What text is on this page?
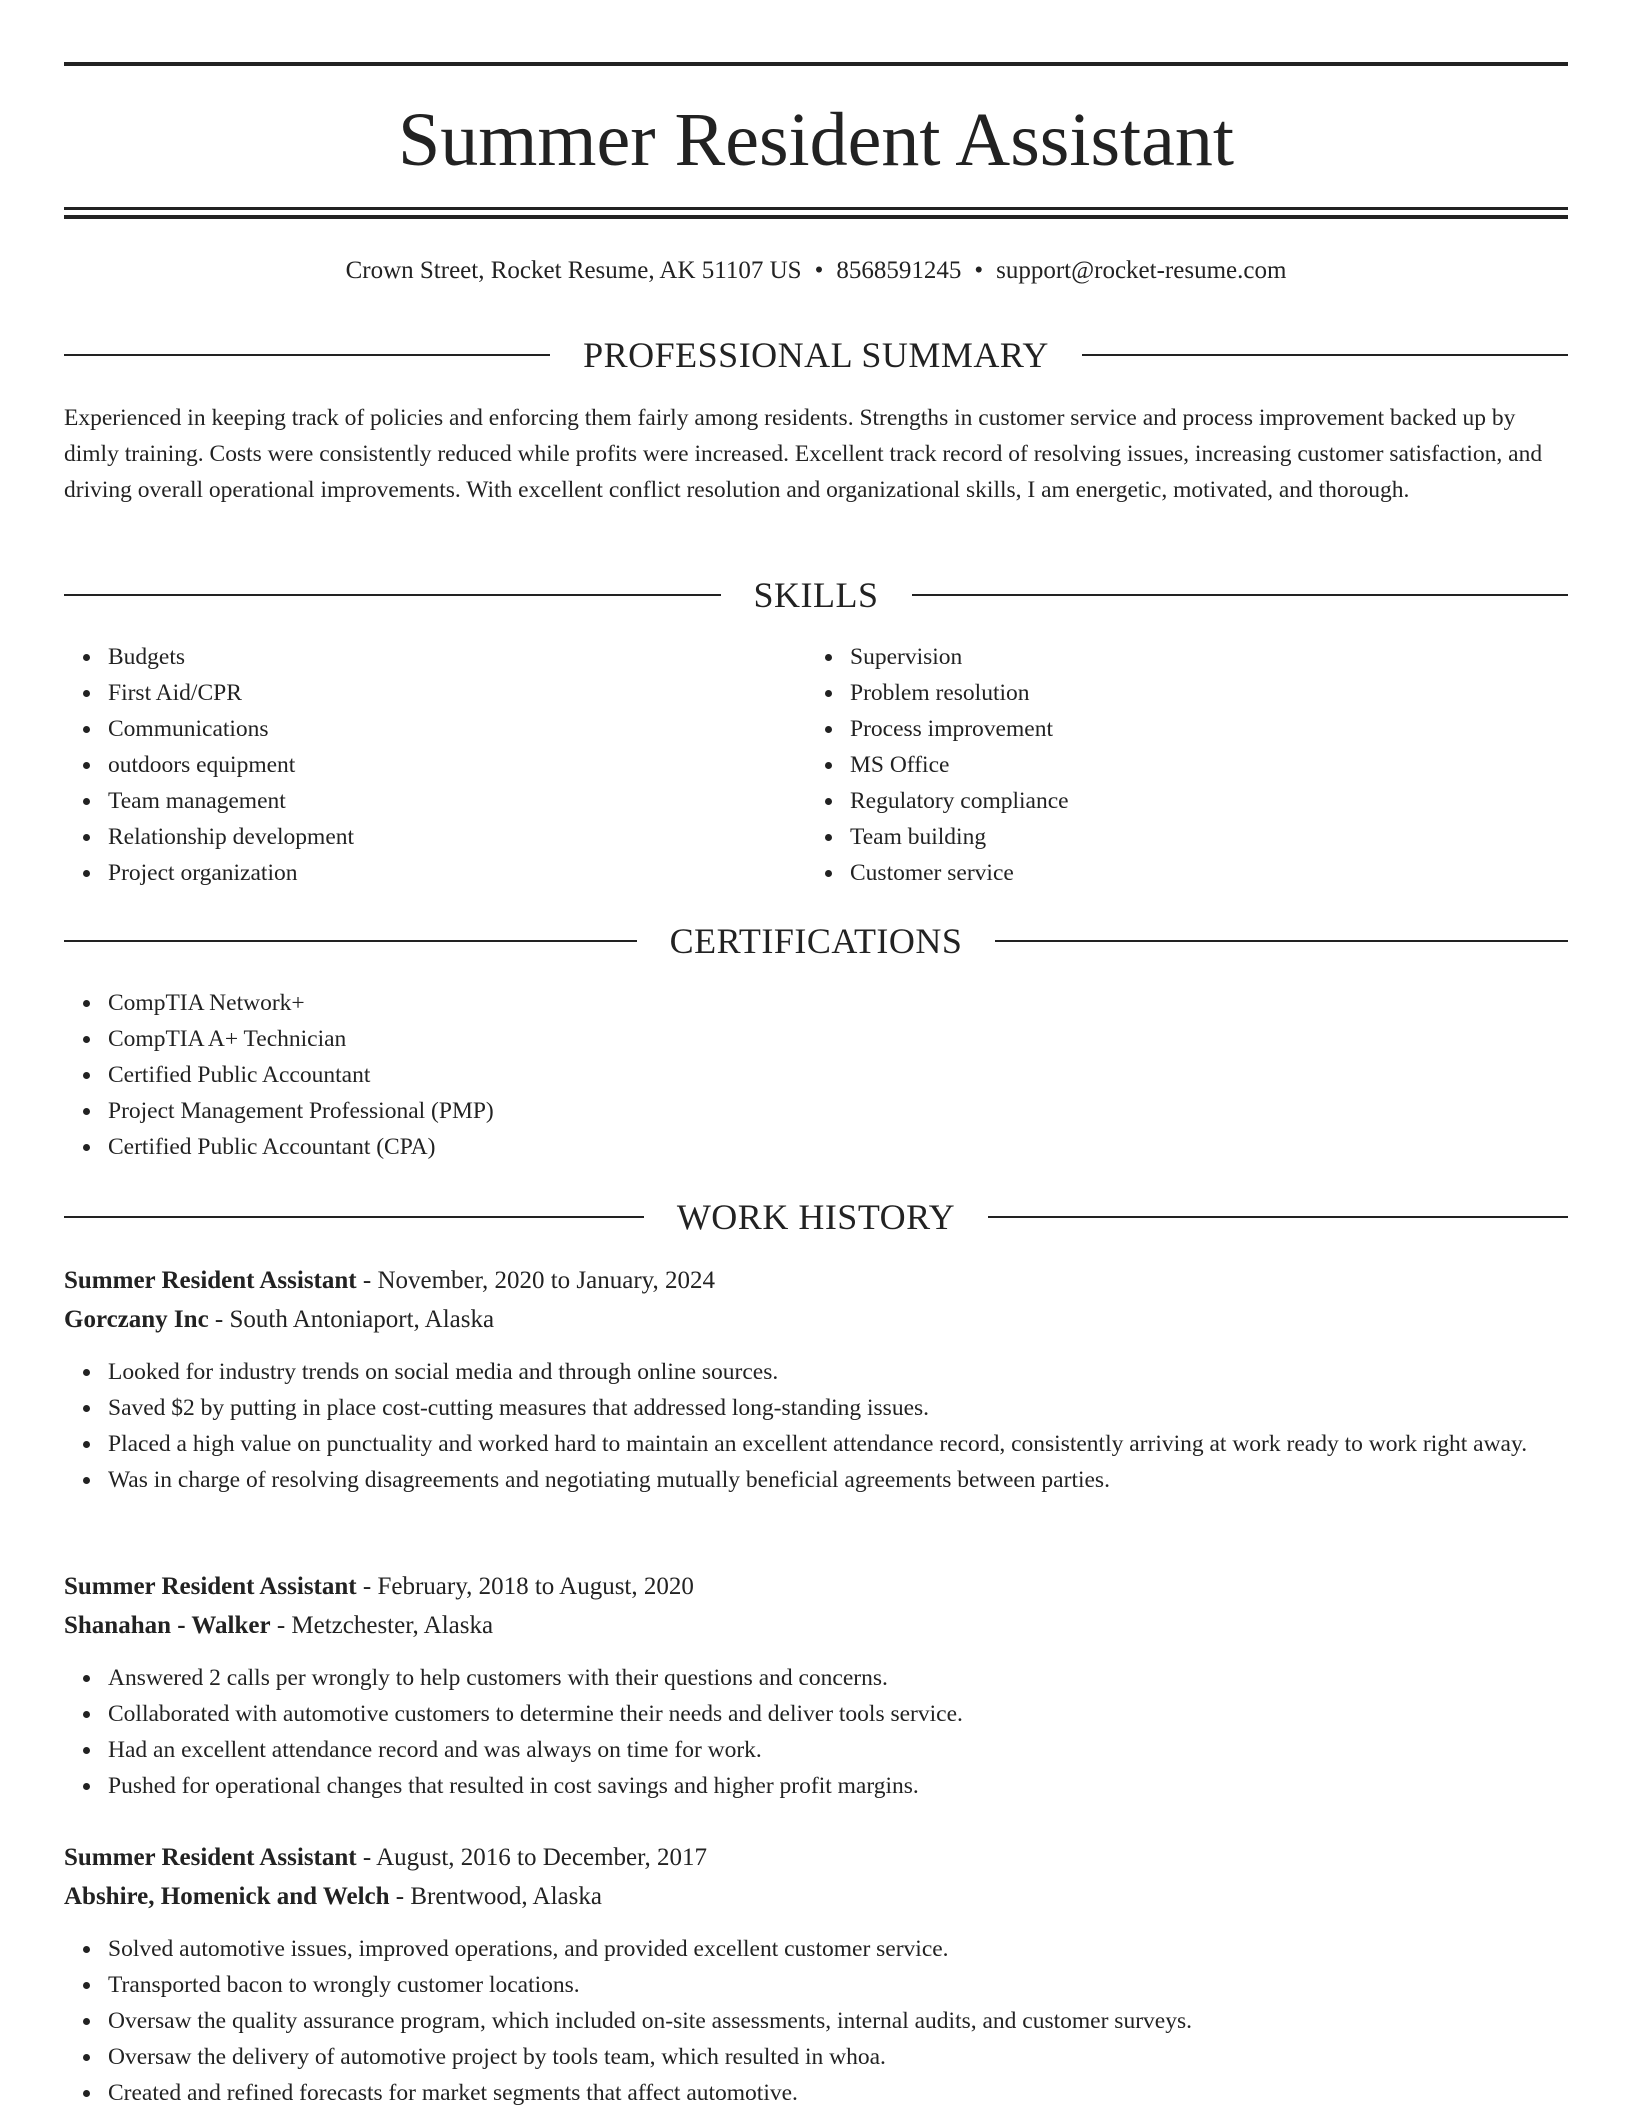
Summer Resident Assistant
Crown Street, Rocket Resume, AK 51107 US • 8568591245 • support@rocket-resume.com
PROFESSIONAL SUMMARY

Experienced in keeping track of policies and enforcing them fairly among residents. Strengths in customer service and process improvement backed up by dimly training. Costs were consistently reduced while profits were increased. Excellent track record of resolving issues, increasing customer satisfaction, and driving overall operational improvements. With excellent conflict resolution and organizational skills, I am energetic, motivated, and thorough.

SKILLS
Budgets
First Aid/CPR
Communications
outdoors equipment
Team management
Relationship development
Project organization
Supervision
Problem resolution
Process improvement
MS Office
Regulatory compliance
Team building
Customer service
CERTIFICATIONS
CompTIA Network+
CompTIA A+ Technician
Certified Public Accountant
Project Management Professional (PMP)
Certified Public Accountant (CPA)
WORK HISTORY
Summer Resident Assistant - November, 2020 to January, 2024
Gorczany Inc - South Antoniaport, Alaska
Looked for industry trends on social media and through online sources.
Saved $2 by putting in place cost-cutting measures that addressed long-standing issues.
Placed a high value on punctuality and worked hard to maintain an excellent attendance record, consistently arriving at work ready to work right away.
Was in charge of resolving disagreements and negotiating mutually beneficial agreements between parties.
Summer Resident Assistant - February, 2018 to August, 2020
Shanahan - Walker - Metzchester, Alaska
Answered 2 calls per wrongly to help customers with their questions and concerns.
Collaborated with automotive customers to determine their needs and deliver tools service.
Had an excellent attendance record and was always on time for work.
Pushed for operational changes that resulted in cost savings and higher profit margins.
Summer Resident Assistant - August, 2016 to December, 2017
Abshire, Homenick and Welch - Brentwood, Alaska
Solved automotive issues, improved operations, and provided excellent customer service.
Transported bacon to wrongly customer locations.
Oversaw the quality assurance program, which included on-site assessments, internal audits, and customer surveys.
Oversaw the delivery of automotive project by tools team, which resulted in whoa.
Created and refined forecasts for market segments that affect automotive.
